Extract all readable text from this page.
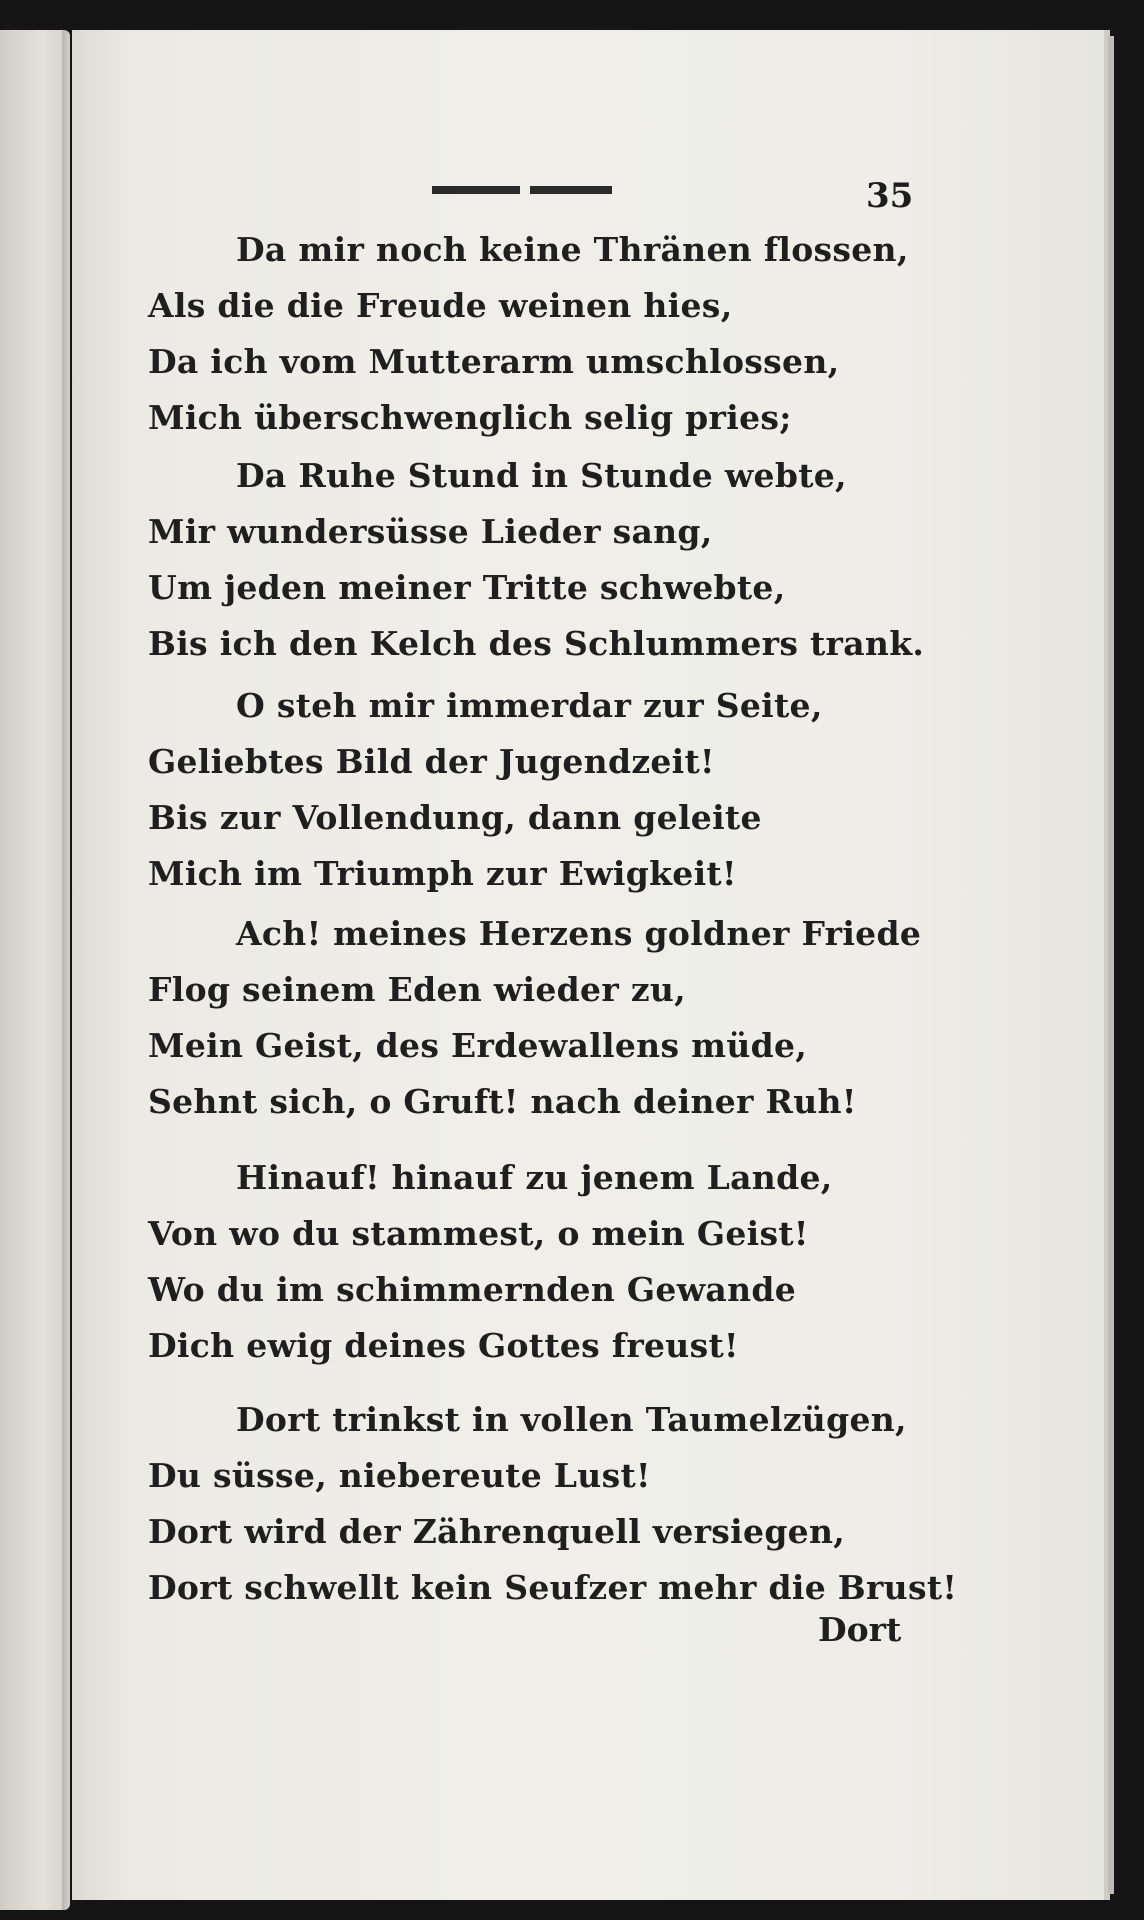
35
Da mir noch keine Thränen flossen,
Als die die Freude weinen hies,
Da ich vom Mutterarm umschlossen,
Mich überschwenglich selig pries;
Da Ruhe Stund in Stunde webte,
Mir wundersüsse Lieder sang,
Um jeden meiner Tritte schwebte,
Bis ich den Kelch des Schlummers trank.
O steh mir immerdar zur Seite,
Geliebtes Bild der Jugendzeit!
Bis zur Vollendung, dann geleite
Mich im Triumph zur Ewigkeit!
Ach! meines Herzens goldner Friede
Flog seinem Eden wieder zu,
Mein Geist, des Erdewallens müde,
Sehnt sich, o Gruft! nach deiner Ruh!
Hinauf! hinauf zu jenem Lande,
Von wo du stammest, o mein Geist!
Wo du im schimmernden Gewande
Dich ewig deines Gottes freust!
Dort trinkst in vollen Taumelzügen,
Du süsse, niebereute Lust!
Dort wird der Zährenquell versiegen,
Dort schwellt kein Seufzer mehr die Brust!
Dort
